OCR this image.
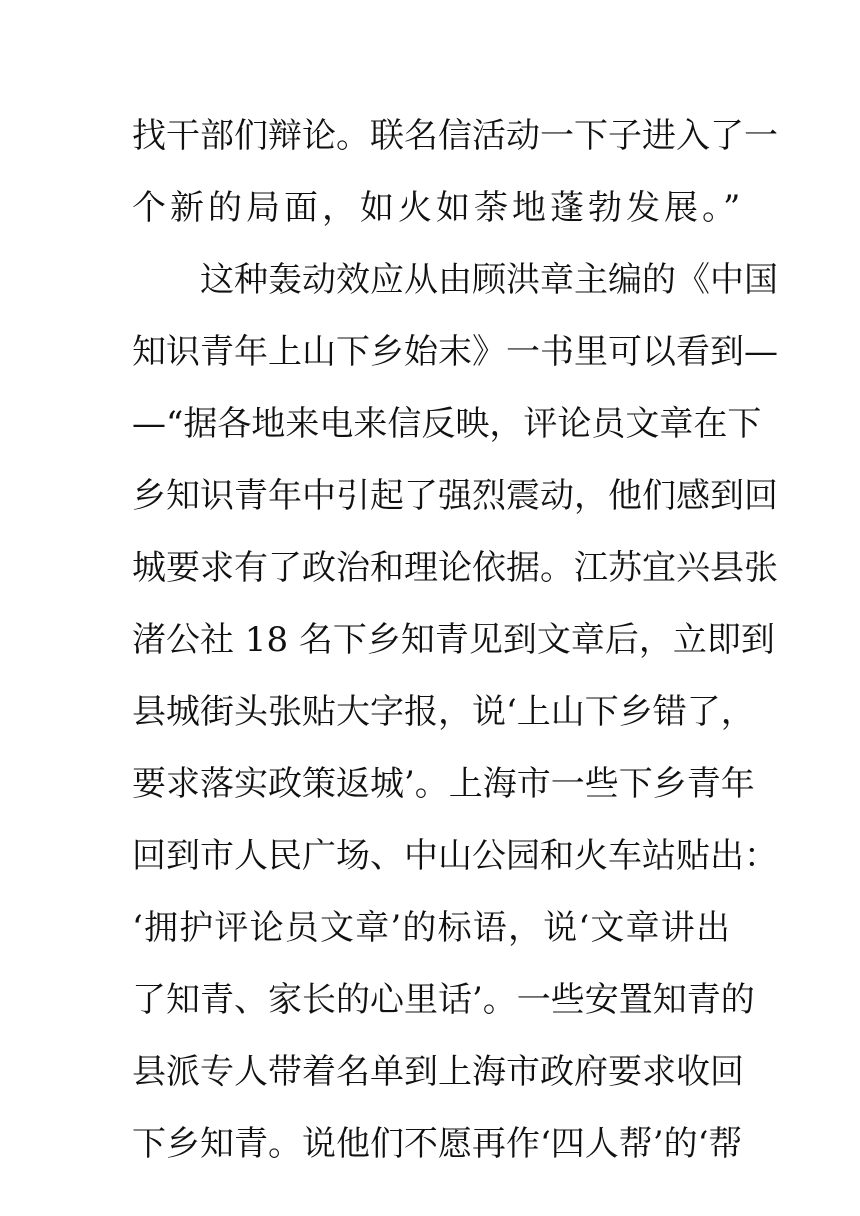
找干部们辩论。联名信活动一下子进入了一
个新的局面，如火如荼地蓬勃发展。”
这种轰动效应从由顾洪章主编的《中国
知识青年上山下乡始末》一书里可以看到—
—“据各地来电来信反映，评论员文章在下
乡知识青年中引起了强烈震动，他们感到回
城要求有了政治和理论依据。江苏宜兴县张
渚公社 18 名下乡知青见到文章后，立即到
县城街头张贴大字报，说‘上山下乡错了，
要求落实政策返城’。上海市一些下乡青年
回到市人民广场、中山公园和火车站贴出：
‘拥护评论员文章’的标语，说‘文章讲出
了知青、家长的心里话’。一些安置知青的
县派专人带着名单到上海市政府要求收回
下乡知青。说他们不愿再作‘四人帮’的‘帮
